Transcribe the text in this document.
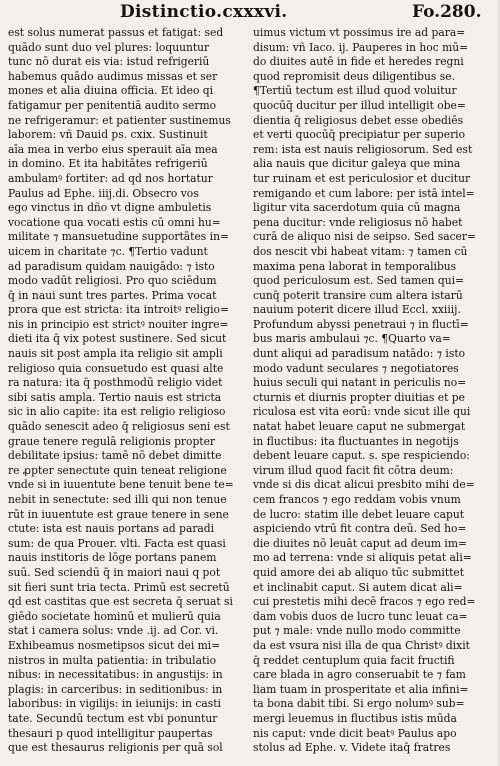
Distinctio.cxxxvi.	Fo.280.
est solus numerat passus et fatigat: sed
quādo sunt duo vel plures: loquuntur
tunc nō durat eis via: istud refrigeriū
habemus quādo audimus missas et ser
mones et alia diuina officia. Et ideo qi
fatigamur per penitentiā audito sermo
ne refrigeramur: et patienter sustinemus
laborem: vñ Dauid ps. cxix. Sustinuit
aīa mea in verbo eius sperauit aīa mea
in domino. Et ita habitātes refrigeriū
ambulamꝰ fortiter: ad qd nos hortatur
Paulus ad Ephe. iiij.di. Obsecro vos
ego vinctus in dño vt digne ambuletis
vocatione qua vocati estis cū omni hu=
militate ⁊ mansuetudine supportātes in=
uicem in charitate ⁊c. ¶Tertio vadunt
ad paradisum quidam nauigādo: ⁊ isto
modo vadūt religiosi. Pro quo sciēdum
q̄ in naui sunt tres partes. Prima vocat
prora que est stricta: ita introitꝰ religio=
nis in principio est strictꝰ nouiter ingre=
dieti ita q̄ vix potest sustinere. Sed sicut
nauis sit post ampla ita religio sit ampli
religioso quia consuetudo est quasi alte
ra natura: ita q̄ posthmodū religio videt
sibi satis ampla. Tertio nauis est stricta
sic in alio capite: ita est religio religioso
quādo senescit adeo q̄ religiosus seni est
graue tenere regulā religionis propter
debilitate ipsius: tamē nō debet dimitte
re ꝓpter senectute quin teneat religione
vnde si in iuuentute bene tenuit bene te=
nebit in senectute: sed illi qui non tenue
rūt in iuuentute est graue tenere in sene
ctute: ista est nauis portans ad paradi
sum: de qua Prouer. vlti. Facta est quasi
nauis institoris de lōge portans panem
suū. Sed sciendū q̄ in maiori naui q pot
sit fieri sunt tria tecta. Primū est secretū
qd est castitas que est secreta q̄ seruat si
giēdo societate hominū et mulierū quia
stat i camera solus: vnde .ij. ad Cor. vi.
Exhibeamus nosmetipsos sicut dei mi=
nistros in multa patientia: in tribulatio
nibus: in necessitatibus: in angustijs: in
plagis: in carceribus: in seditionibus: in
laboribus: in vigilijs: in ieiunijs: in casti
tate. Secundū tectum est vbi ponuntur
thesauri p quod intelligitur paupertas
que est thesaurus religionis per quā sol
uimus victum vt possimus ire ad para=
disum: vñ Iaco. ij. Pauperes in hoc mū=
do diuites autē in fide et heredes regni
quod repromisit deus diligentibus se.
¶Tertiū tectum est illud quod voluitur
quocūq̄ ducitur per illud intelligit obe=
dientia q̄ religiosus debet esse obediēs
et verti quocūq̄ precipiatur per superio
rem: ista est nauis religiosorum. Sed est
alia nauis que dicitur galeya que mina
tur ruinam et est periculosior et ducitur
remigando et cum labore: per istā intel=
ligitur vita sacerdotum quia cū magna
pena ducitur: vnde religiosus nō habet
curā de aliquo nisi de seipso. Sed sacer=
dos nescit vbi habeat vitam: ⁊ tamen cū
maxima pena laborat in temporalibus
quod periculosum est. Sed tamen qui=
cunq̄ poterit transire cum altera istarū
nauium poterit dicere illud Eccl. xxiiij.
Profundum abyssi penetraui ⁊ in fluctī=
bus maris ambulaui ⁊c. ¶Quarto va=
dunt aliqui ad paradisum natādo: ⁊ isto
modo vadunt seculares ⁊ negotiatores
huius seculi qui natant in periculis no=
cturnis et diurnis propter diuitias et pe
riculosa est vita eorū: vnde sicut ille qui
natat habet leuare caput ne submergat
in fluctibus: ita fluctuantes in negotijs
debent leuare caput. s. spe respiciendo:
virum illud quod facit fit cōtra deum:
vnde si dis dicat alicui presbito mihi de=
cem francos ⁊ ego reddam vobis vnum
de lucro: statim ille debet leuare caput
aspiciendo vtrū fit contra deū. Sed ho=
die diuites nō leuāt caput ad deum im=
mo ad terrena: vnde si aliquis petat ali=
quid amore dei ab aliquo tūc submittet
et inclinabit caput. Si autem dicat ali=
cui prestetis mihi decē fracos ⁊ ego red=
dam vobis duos de lucro tunc leuat ca=
put ⁊ male: vnde nullo modo committe
da est vsura nisi illa de qua Christꝰ dixit
q̄ reddet centuplum quia facit fructifi
care blada in agro conseruabit te ⁊ fam
liam tuam in prosperitate et alia infini=
ta bona dabit tibi. Si ergo nolumꝰ sub=
mergi leuemus in fluctibus istis mūda
nis caput: vnde dicit beatꝰ Paulus apo
stolus ad Ephe. v. Videte itaq̄ fratres
